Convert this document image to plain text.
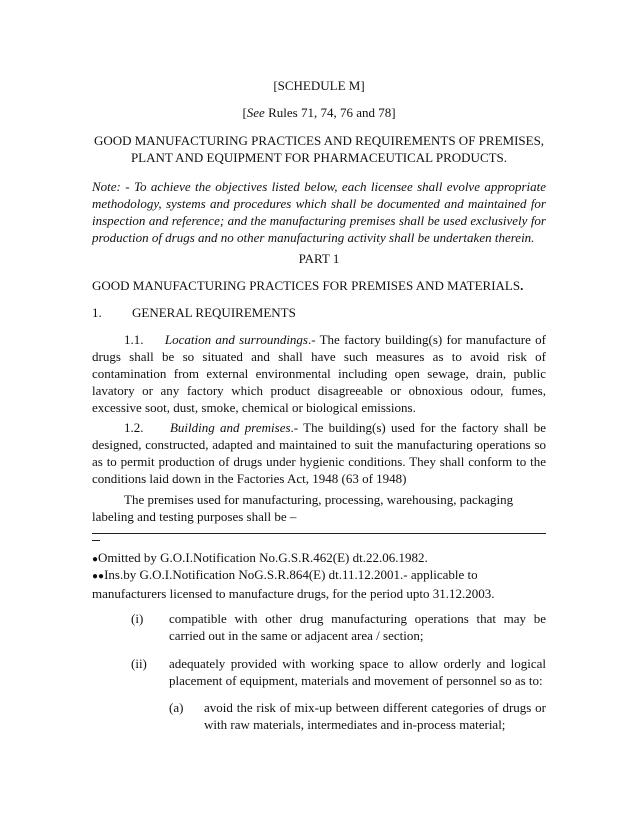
[SCHEDULE M]
[See Rules 71, 74, 76 and 78]
GOOD MANUFACTURING PRACTICES AND REQUIREMENTS OF PREMISES, PLANT AND EQUIPMENT FOR PHARMACEUTICAL PRODUCTS.
Note: - To achieve the objectives listed below, each licensee shall evolve appropriate methodology, systems and procedures which shall be documented and maintained for inspection and reference; and the manufacturing premises shall be used exclusively for production of drugs and no other manufacturing activity shall be undertaken therein.
PART 1
GOOD MANUFACTURING PRACTICES FOR PREMISES AND MATERIALS.
1. GENERAL REQUIREMENTS
1.1. Location and surroundings.- The factory building(s) for manufacture of drugs shall be so situated and shall have such measures as to avoid risk of contamination from external environmental including open sewage, drain, public lavatory or any factory which product disagreeable or obnoxious odour, fumes, excessive soot, dust, smoke, chemical or biological emissions.
1.2. Building and premises.- The building(s) used for the factory shall be designed, constructed, adapted and maintained to suit the manufacturing operations so as to permit production of drugs under hygienic conditions. They shall conform to the conditions laid down in the Factories Act, 1948 (63 of 1948)
The premises used for manufacturing, processing, warehousing, packaging labeling and testing purposes shall be –
●Omitted by G.O.I.Notification No.G.S.R.462(E) dt.22.06.1982.
●●Ins.by G.O.I.Notification NoG.S.R.864(E) dt.11.12.2001.- applicable to manufacturers licensed to manufacture drugs, for the period upto 31.12.2003.
(i) compatible with other drug manufacturing operations that may be carried out in the same or adjacent area / section;
(ii) adequately provided with working space to allow orderly and logical placement of equipment, materials and movement of personnel so as to:
(a) avoid the risk of mix-up between different categories of drugs or with raw materials, intermediates and in-process material;
